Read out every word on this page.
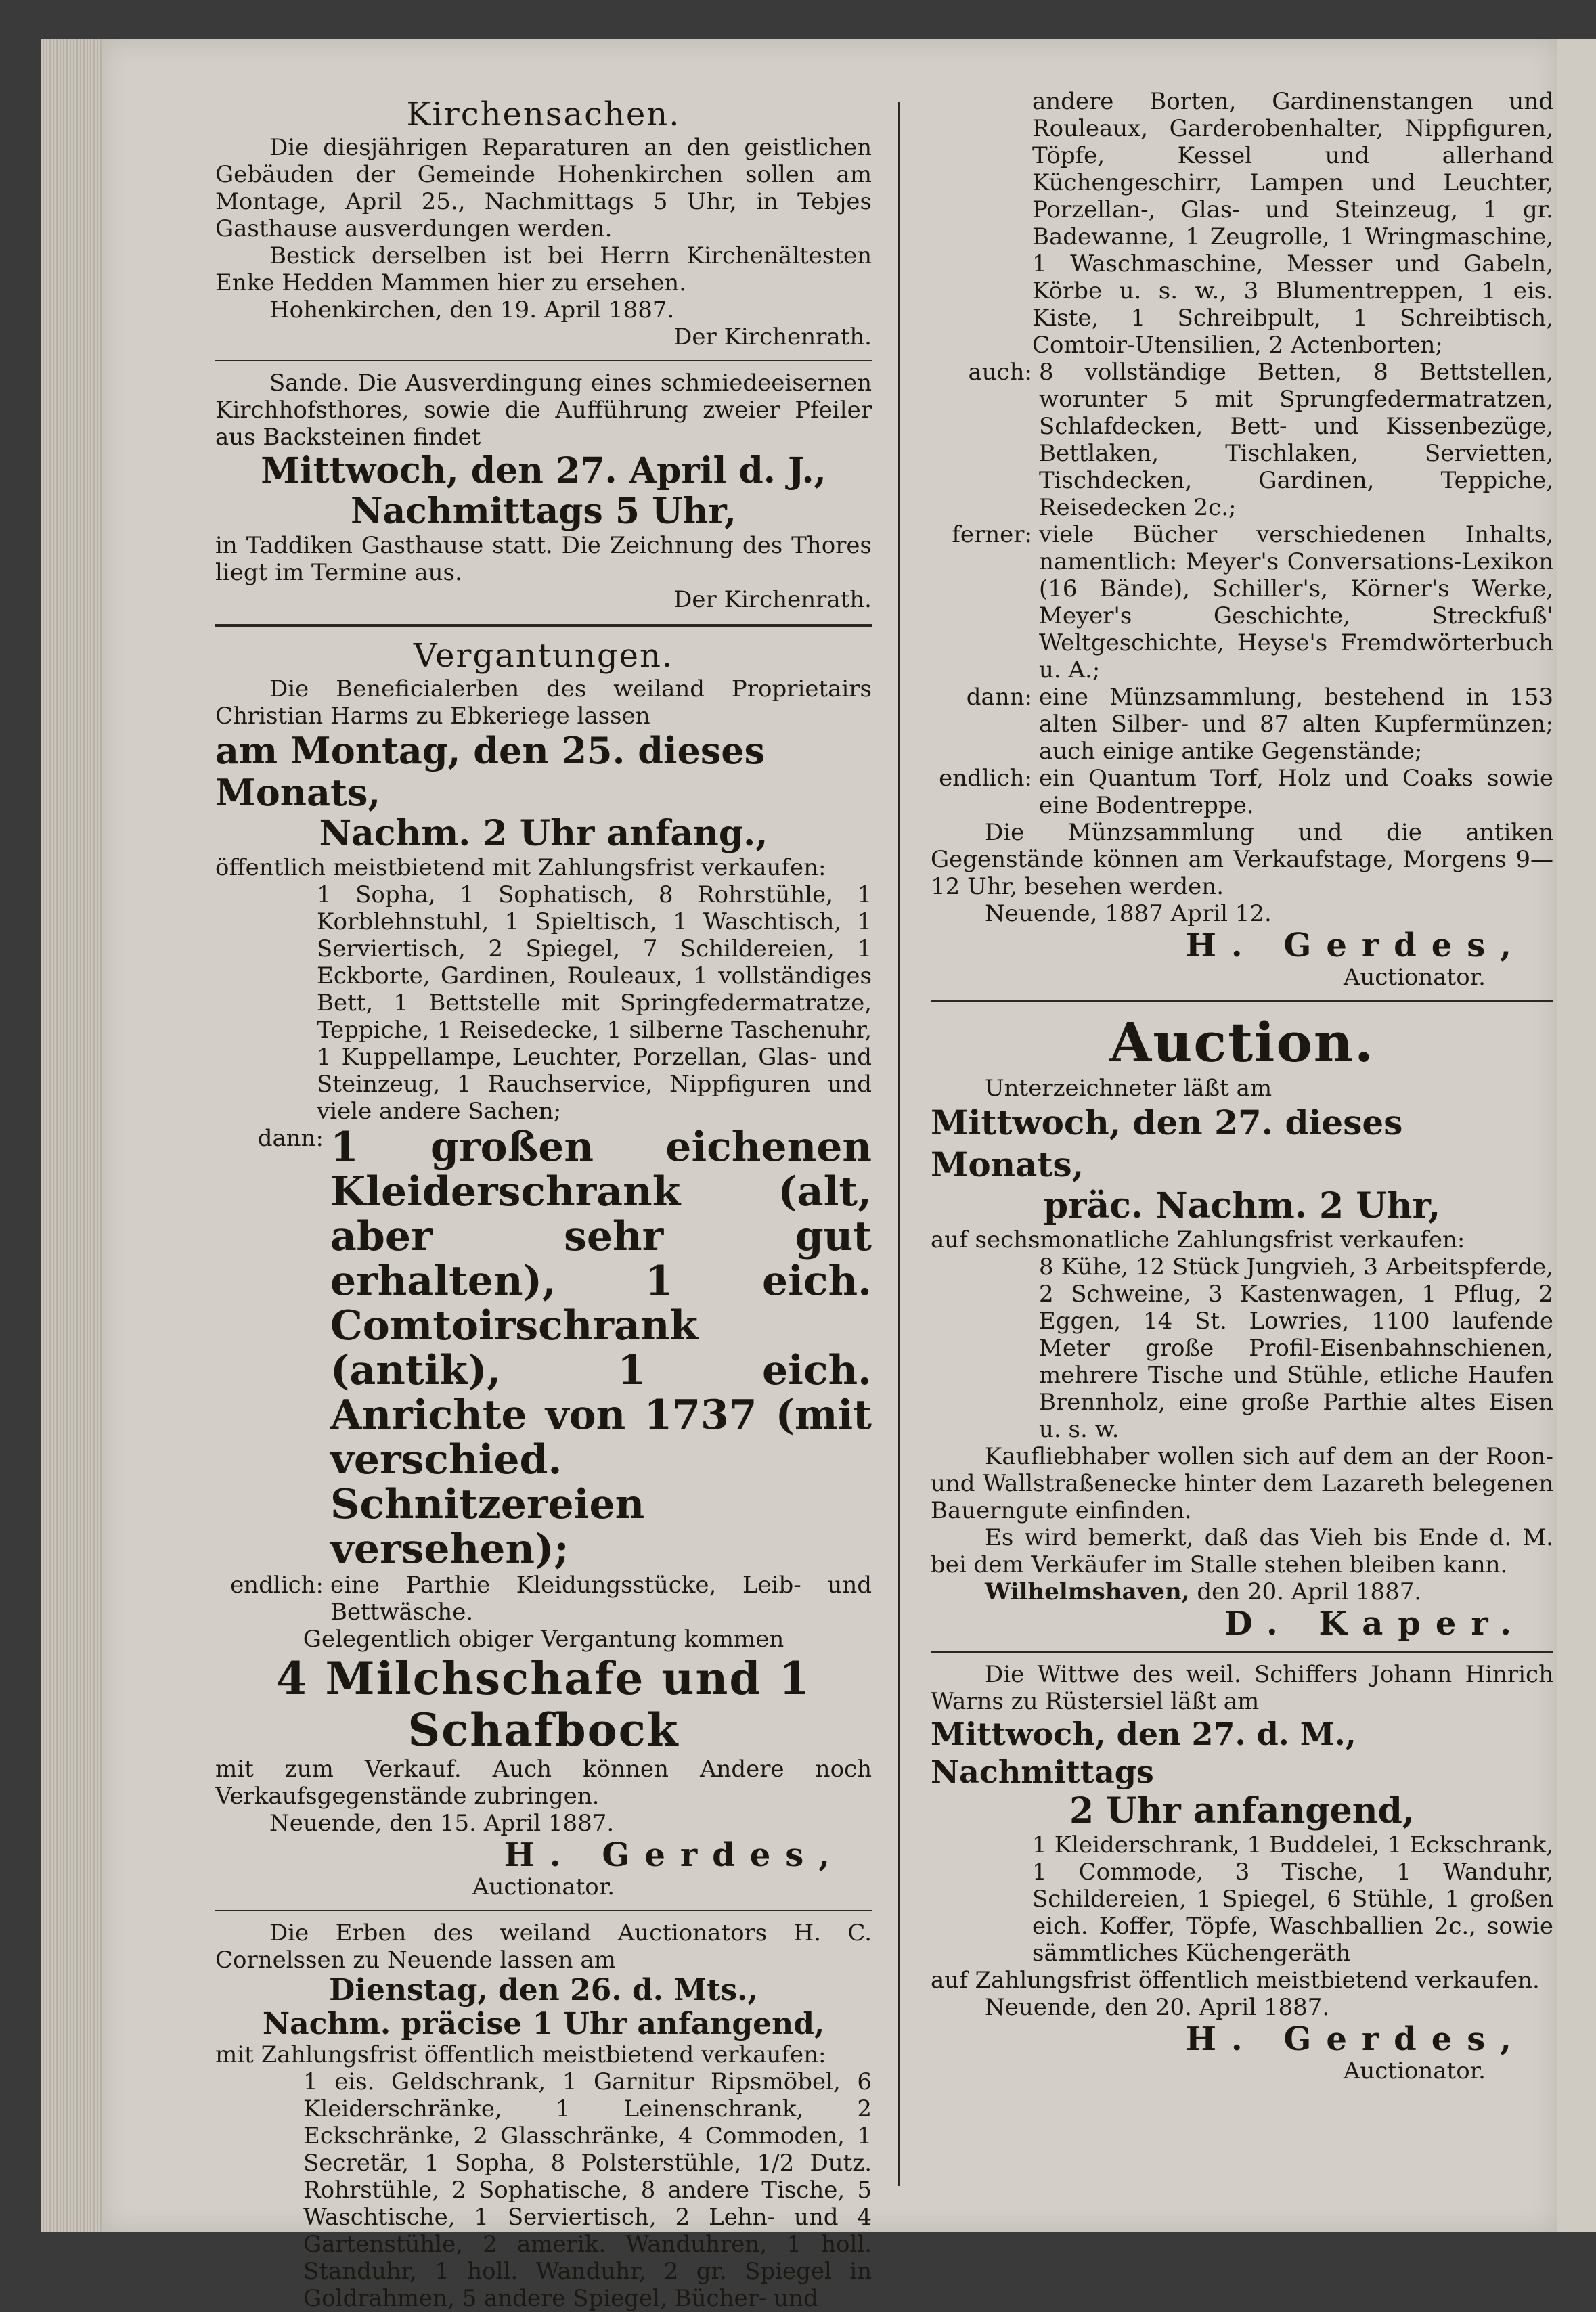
Kirchensachen.

Die diesjährigen Reparaturen an den geistlichen Gebäuden der Gemeinde Hohenkirchen sollen am Montage, April 25., Nachmittags 5 Uhr, in Tebjes Gasthause ausverdungen werden.

Bestick derselben ist bei Herrn Kirchenältesten Enke Hedden Mammen hier zu ersehen.

Hohenkirchen, den 19. April 1887.

Der Kirchenrath.

Sande. Die Ausverdingung eines schmiedeeisernen Kirchhofsthores, sowie die Aufführung zweier Pfeiler aus Backsteinen findet

Mittwoch, den 27. April d. J.,
Nachmittags 5 Uhr,

in Taddiken Gasthause statt. Die Zeichnung des Thores liegt im Termine aus.

Der Kirchenrath.

Vergantungen.

Die Beneficialerben des weiland Proprietairs Christian Harms zu Ebkeriege lassen

am Montag, den 25. dieses Monats,
Nachm. 2 Uhr anfang.,

öffentlich meistbietend mit Zahlungsfrist verkaufen:

1 Sopha, 1 Sophatisch, 8 Rohrstühle, 1 Korblehnstuhl, 1 Spieltisch, 1 Waschtisch, 1 Serviertisch, 2 Spiegel, 7 Schildereien, 1 Eckborte, Gardinen, Rouleaux, 1 vollständiges Bett, 1 Bettstelle mit Springfedermatratze, Teppiche, 1 Reisedecke, 1 silberne Taschenuhr, 1 Kuppellampe, Leuchter, Porzellan, Glas- und Steinzeug, 1 Rauchservice, Nippfiguren und viele andere Sachen;

dann: 1 großen eichenen Kleiderschrank (alt, aber sehr gut erhalten), 1 eich. Comtoirschrank (antik), 1 eich. Anrichte von 1737 (mit verschied. Schnitzereien versehen);
endlich: eine Parthie Kleidungsstücke, Leib- und Bettwäsche.

Gelegentlich obiger Vergantung kommen

4 Milchschafe und 1 Schafbock

mit zum Verkauf. Auch können Andere noch Verkaufsgegenstände zubringen.

Neuende, den 15. April 1887.

H. Gerdes,

Auctionator.

Die Erben des weiland Auctionators H. C. Cornelssen zu Neuende lassen am

Dienstag, den 26. d. Mts.,
Nachm. präcise 1 Uhr anfangend,

mit Zahlungsfrist öffentlich meistbietend verkaufen:

1 eis. Geldschrank, 1 Garnitur Ripsmöbel, 6 Kleiderschränke, 1 Leinenschrank, 2 Eckschränke, 2 Glasschränke, 4 Commoden, 1 Secretär, 1 Sopha, 8 Polsterstühle, 1/2 Dutz. Rohrstühle, 2 Sophatische, 8 andere Tische, 5 Waschtische, 1 Serviertisch, 2 Lehn- und 4 Gartenstühle, 2 amerik. Wanduhren, 1 holl. Standuhr, 1 holl. Wanduhr, 2 gr. Spiegel in Goldrahmen, 5 andere Spiegel, Bücher- und

andere Borten, Gardinenstangen und Rouleaux, Garderobenhalter, Nippfiguren, Töpfe, Kessel und allerhand Küchengeschirr, Lampen und Leuchter, Porzellan-, Glas- und Steinzeug, 1 gr. Badewanne, 1 Zeugrolle, 1 Wringmaschine, 1 Waschmaschine, Messer und Gabeln, Körbe u. s. w., 3 Blumentreppen, 1 eis. Kiste, 1 Schreibpult, 1 Schreibtisch, Comtoir-Utensilien, 2 Actenborten;

auch: 8 vollständige Betten, 8 Bettstellen, worunter 5 mit Sprungfedermatratzen, Schlafdecken, Bett- und Kissenbezüge, Bettlaken, Tischlaken, Servietten, Tischdecken, Gardinen, Teppiche, Reisedecken 2c.;
ferner: viele Bücher verschiedenen Inhalts, namentlich: Meyer's Conversations-Lexikon (16 Bände), Schiller's, Körner's Werke, Meyer's Geschichte, Streckfuß' Weltgeschichte, Heyse's Fremdwörterbuch u. A.;
dann: eine Münzsammlung, bestehend in 153 alten Silber- und 87 alten Kupfermünzen; auch einige antike Gegenstände;
endlich: ein Quantum Torf, Holz und Coaks sowie eine Bodentreppe.

Die Münzsammlung und die antiken Gegenstände können am Verkaufstage, Morgens 9—12 Uhr, besehen werden.

Neuende, 1887 April 12.

H. Gerdes,

Auctionator.

Auction.

Unterzeichneter läßt am

Mittwoch, den 27. dieses Monats,
präc. Nachm. 2 Uhr,

auf sechsmonatliche Zahlungsfrist verkaufen:

8 Kühe, 12 Stück Jungvieh, 3 Arbeitspferde, 2 Schweine, 3 Kastenwagen, 1 Pflug, 2 Eggen, 14 St. Lowries, 1100 laufende Meter große Profil-Eisenbahnschienen, mehrere Tische und Stühle, etliche Haufen Brennholz, eine große Parthie altes Eisen u. s. w.

Kaufliebhaber wollen sich auf dem an der Roon- und Wallstraßenecke hinter dem Lazareth belegenen Bauerngute einfinden.

Es wird bemerkt, daß das Vieh bis Ende d. M. bei dem Verkäufer im Stalle stehen bleiben kann.

Wilhelmshaven, den 20. April 1887.

D. Kaper.

Die Wittwe des weil. Schiffers Johann Hinrich Warns zu Rüstersiel läßt am

Mittwoch, den 27. d. M., Nachmittags
2 Uhr anfangend,

1 Kleiderschrank, 1 Buddelei, 1 Eckschrank, 1 Commode, 3 Tische, 1 Wanduhr, Schildereien, 1 Spiegel, 6 Stühle, 1 großen eich. Koffer, Töpfe, Waschballien 2c., sowie sämmtliches Küchengeräth

auf Zahlungsfrist öffentlich meistbietend verkaufen.

Neuende, den 20. April 1887.

H. Gerdes,

Auctionator.
